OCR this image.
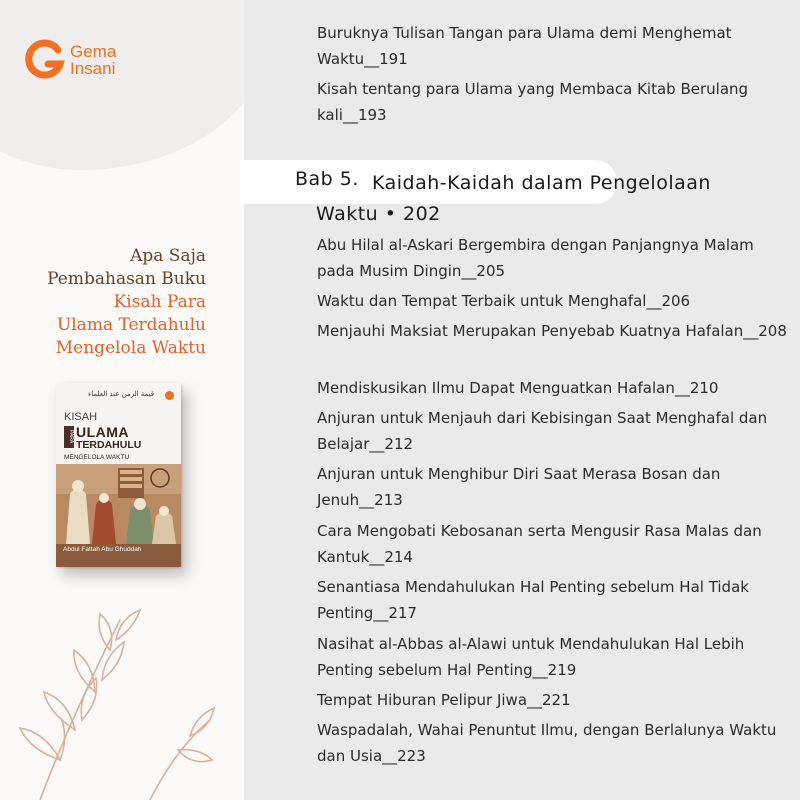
Gema
Insani
Apa Saja
Pembahasan Buku
Kisah Para
Ulama Terdahulu
Mengelola Waktu
قيمة الزمن عند العلماء
KISAH
PARA ULAMA
TERDAHULU
MENGELOLA WAKTU
Abdul Fattah Abu Ghuddah
Buruknya Tulisan Tangan para Ulama demi Menghemat Waktu__191
Kisah tentang para Ulama yang Membaca Kitab Berulang kali__193
Bab 5. Kaidah-Kaidah dalam Pengelolaan
Waktu • 202
Abu Hilal al-Askari Bergembira dengan Panjangnya Malam pada Musim Dingin__205
Waktu dan Tempat Terbaik untuk Menghafal__206
Menjauhi Maksiat Merupakan Penyebab Kuatnya Hafalan__208
Mendiskusikan Ilmu Dapat Menguatkan Hafalan__210
Anjuran untuk Menjauh dari Kebisingan Saat Menghafal dan Belajar__212
Anjuran untuk Menghibur Diri Saat Merasa Bosan dan Jenuh__213
Cara Mengobati Kebosanan serta Mengusir Rasa Malas dan Kantuk__214
Senantiasa Mendahulukan Hal Penting sebelum Hal Tidak Penting__217
Nasihat al-Abbas al-Alawi untuk Mendahulukan Hal Lebih Penting sebelum Hal Penting__219
Tempat Hiburan Pelipur Jiwa__221
Waspadalah, Wahai Penuntut Ilmu, dengan Berlalunya Waktu dan Usia__223
